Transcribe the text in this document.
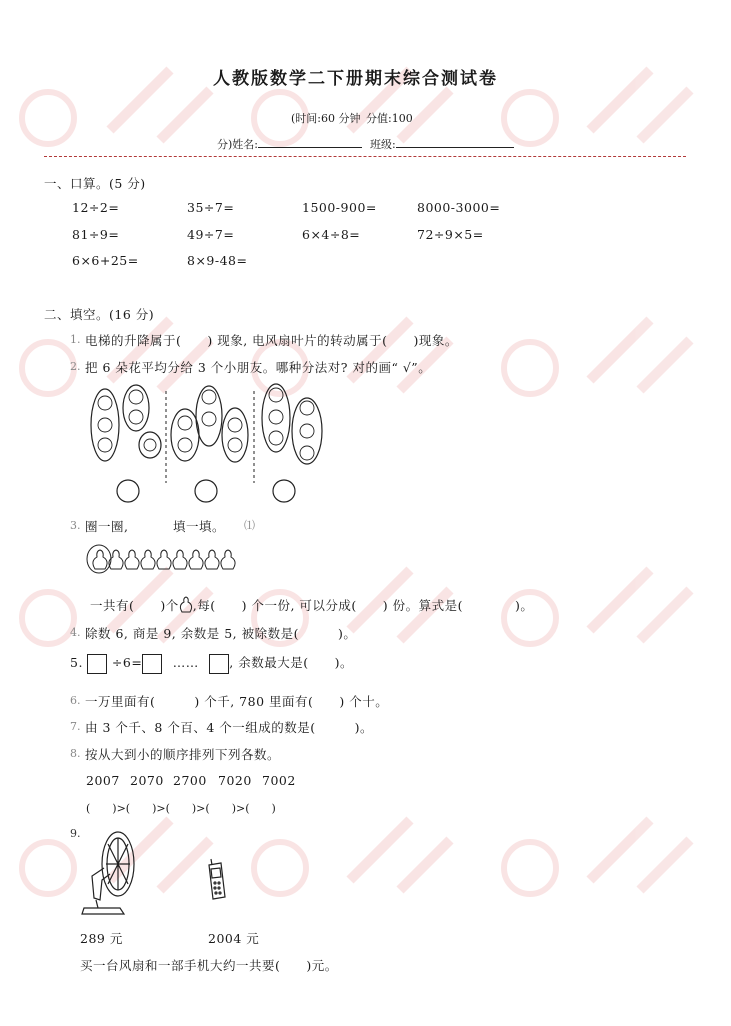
人教版数学二下册期末综合测试卷
(时间:60 分钟 分值:100
分)姓名:	班级:
一、口算。(5 分)
12÷2=	35÷7=	1500-900=	8000-3000=
81÷9=	49÷7=	6×4÷8=	72÷9×5=
6×6+25=	8×9-48=
二、填空。(16 分)
1. 电梯的升降属于(　　) 现象, 电风扇叶片的转动属于(　　)现象。
2. 把 6 朵花平均分给 3 个小朋友。哪种分法对? 对的画“ √”。
3. 圈一圈,	填一填。 ⑴
一共有(　　)个 ,每(　　) 个一份, 可以分成(　　) 份。算式是(　　　　)。
4. 除数 6, 商是 9, 余数是 5, 被除数是(　　　)。
5. ÷6= …… , 余数最大是(　　)。
6. 一万里面有(　　　) 个千, 780 里面有(　　) 个十。
7. 由 3 个千、8 个百、4 个一组成的数是(　　　)。
8. 按从大到小的顺序排列下列各数。
2007 2070 2700 7020 7002
(　　)>(　　)>(　　)>(　　)>(　　)
9.
289 元	2004 元
买一台风扇和一部手机大约一共要(　　)元。
